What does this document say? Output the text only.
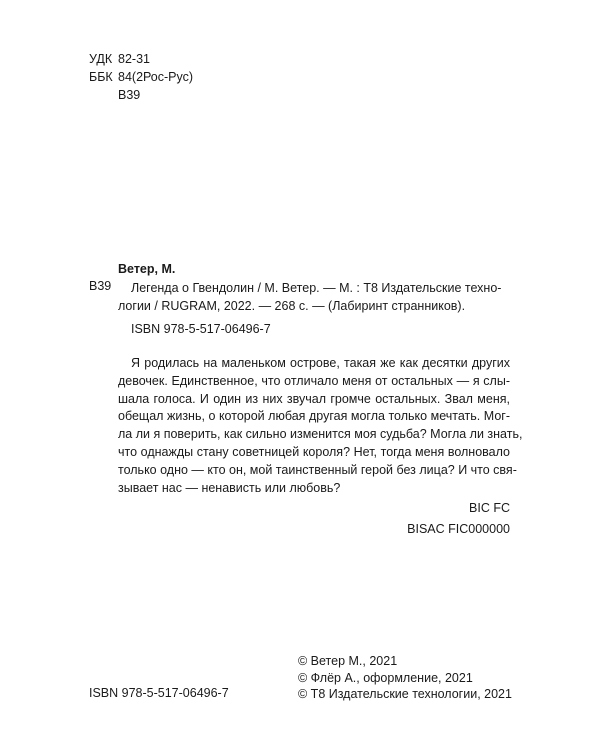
УДК 82-31
ББК 84(2Рос-Рус)
В39
Ветер, М.
В39	Легенда о Гвендолин / М. Ветер. — М. : Т8 Издательские техно-
логии / RUGRAM, 2022. — 268 с. — (Лабиринт странников).
ISBN 978-5-517-06496-7
Я родилась на маленьком острове, такая же как десятки других
девочек. Единственное, что отличало меня от остальных — я слы-
шала голоса. И один из них звучал громче остальных. Звал меня,
обещал жизнь, о которой любая другая могла только мечтать. Мог-
ла ли я поверить, как сильно изменится моя судьба? Могла ли знать,
что однажды стану советницей короля? Нет, тогда меня волновало
только одно — кто он, мой таинственный герой без лица? И что свя-
зывает нас — ненависть или любовь?
BIC FC
BISAC FIC000000
© Ветер М., 2021
© Флёр А., оформление, 2021
© Т8 Издательские технологии, 2021
ISBN 978-5-517-06496-7
